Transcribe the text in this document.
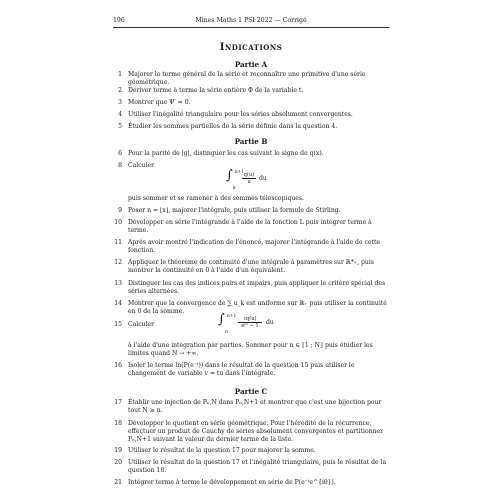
196	Mines Maths 1 PSI 2022 — Corrigé
Indications
Partie A
1 Majorer le terme général de la série et reconnaître une primitive d'une série géométrique.
2 Dériver terme à terme la série entière Φ de la variable t.
3 Montrer que Ψ′ = 0.
4 Utiliser l'inégalité triangulaire pour les séries absolument convergentes.
5 Étudier les sommes partielles de la série définie dans la question 4.
Partie B
6 Pour la parité de |g|, distinguer les cas suivant le signe de q(x).
8 Calculer
∫ k+1
k
$\frac{q(u)}{u}$ du
puis sommer et se ramener à des sommes télescopiques.
9 Poser n = ⌊x⌋, majorer l'intégrale, puis utiliser la formule de Stirling.
10 Développer en série l'intégrande à l'aide de la fonction L puis intégrer terme à terme.
11 Après avoir montré l'indication de l'énoncé, majorer l'intégrande à l'aide de cette fonction.
12 Appliquer le théorème de continuité d'une intégrale à paramètres sur ℝ*₊, puis montrer la continuité en 0 à l'aide d'un équivalent.
13 Distinguer les cas des indices pairs et impairs, puis appliquer le critère spécial des séries alternées.
14 Montrer que la convergence de ∑ u_k est uniforme sur ℝ₊ puis utiliser la continuité en 0 de la somme.
15 Calculer	∫ n+1
n
ℓq(u)
eᵗᵘ − 1	du
à l'aide d'une intégration par parties. Sommer pour n ∈ ⟦1 ; N⟧ puis étudier les limites quand N → +∞.
16 Isoler le terme ln(P(e⁻ᵗ)) dans le résultat de la question 15 puis utiliser le changement de variable v = tu dans l'intégrale.
Partie C
17 Établir une injection de Pₙ,N dans Pₙ,N+1 et montrer que c'est une bijection pour tout N ≥ n.
18 Développer le quotient en série géométrique. Pour l'hérédité de la récurrence, effectuer un produit de Cauchy de séries absolument convergentes et partitionner Pₙ,N+1 suivant la valeur du dernier terme de la liste.
19 Utiliser le résultat de la question 17 pour majorer la somme.
20 Utiliser le résultat de la question 17 et l'inégalité triangulaire, puis le résultat de la question 18.
21 Intégrer terme à terme le développement en série de P(e⁻ᵗe^{iθ}).
